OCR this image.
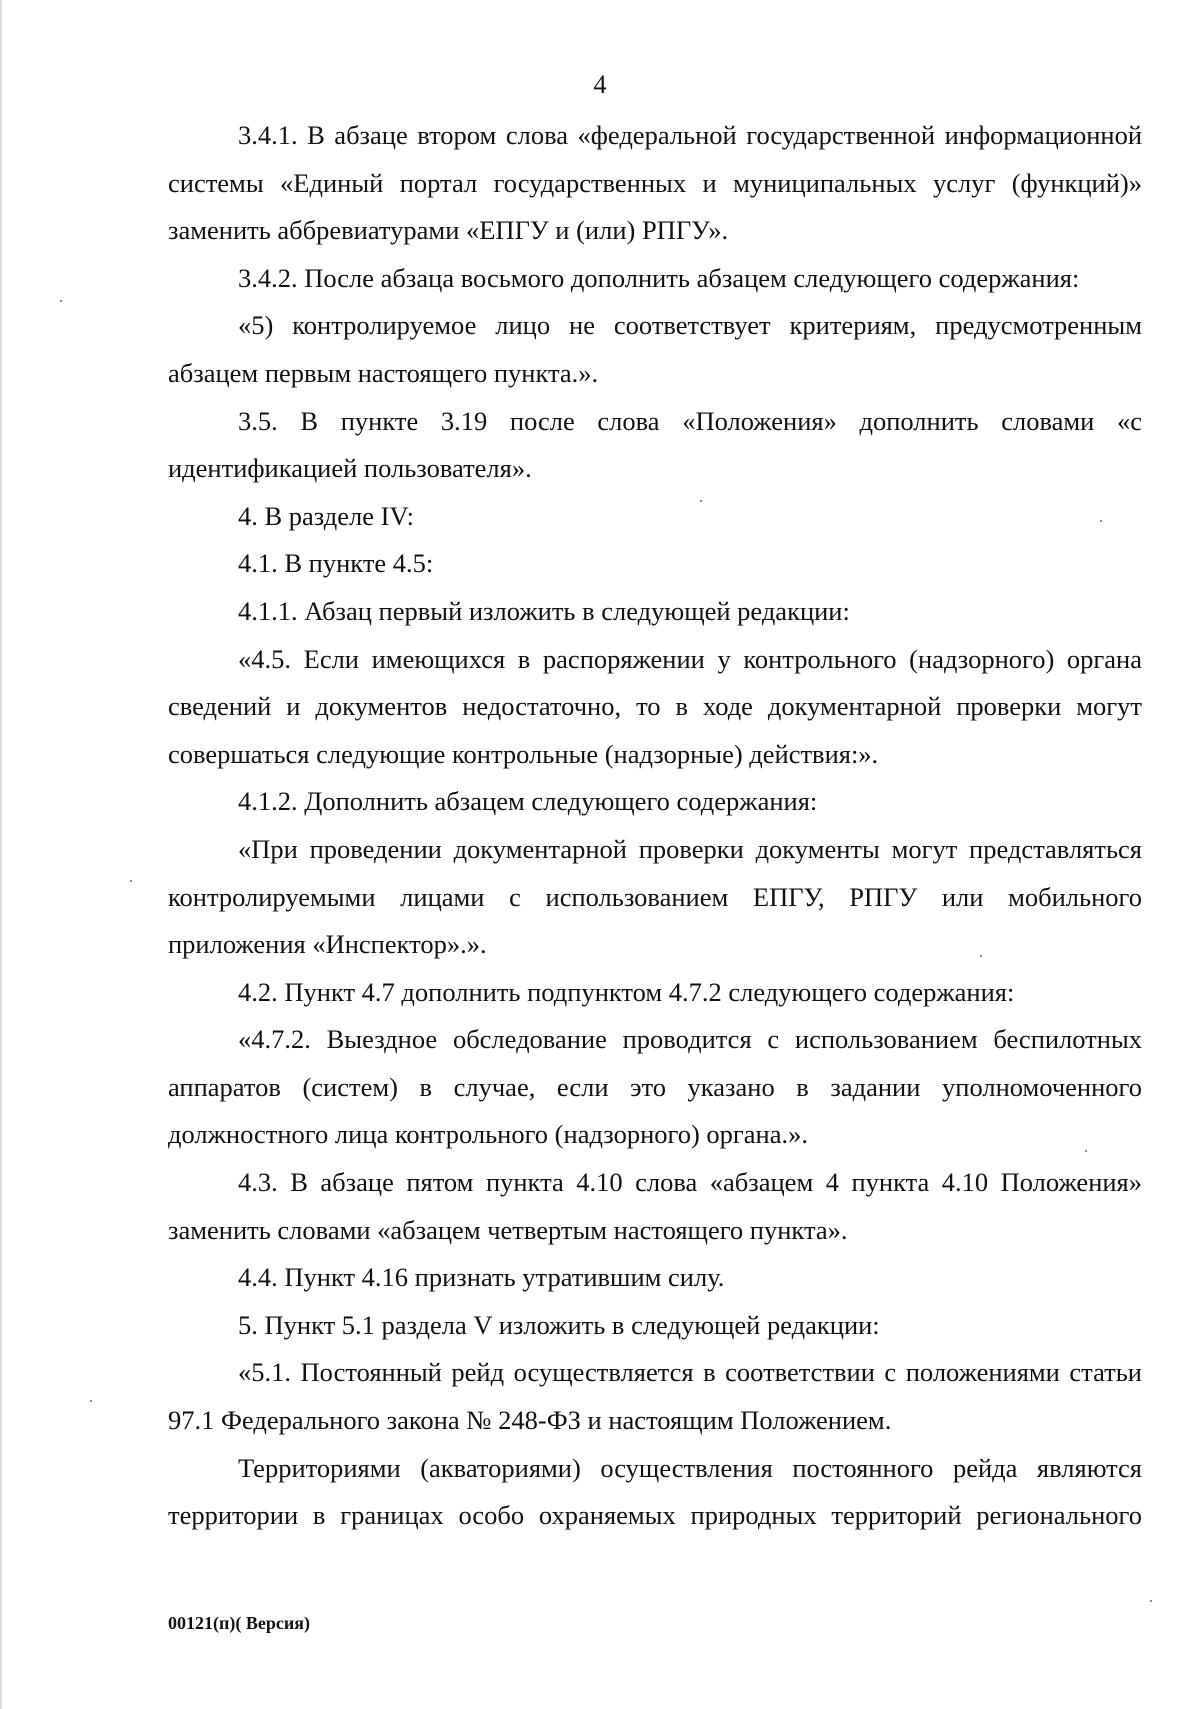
4

3.4.1. В абзаце втором слова «федеральной государственной информационной системы «Единый портал государственных и муниципальных услуг (функций)» заменить аббревиатурами «ЕПГУ и (или) РПГУ».

3.4.2. После абзаца восьмого дополнить абзацем следующего содержания:

«5) контролируемое лицо не соответствует критериям, предусмотренным абзацем первым настоящего пункта.».

3.5. В пункте 3.19 после слова «Положения» дополнить словами «с идентификацией пользователя».

4. В разделе IV:

4.1. В пункте 4.5:

4.1.1. Абзац первый изложить в следующей редакции:

«4.5. Если имеющихся в распоряжении у контрольного (надзорного) органа сведений и документов недостаточно, то в ходе документарной проверки могут совершаться следующие контрольные (надзорные) действия:».

4.1.2. Дополнить абзацем следующего содержания:

«При проведении документарной проверки документы могут представляться контролируемыми лицами с использованием ЕПГУ, РПГУ или мобильного приложения «Инспектор».».

4.2. Пункт 4.7 дополнить подпунктом 4.7.2 следующего содержания:

«4.7.2. Выездное обследование проводится с использованием беспилотных аппаратов (систем) в случае, если это указано в задании уполномоченного должностного лица контрольного (надзорного) органа.».

4.3. В абзаце пятом пункта 4.10 слова «абзацем 4 пункта 4.10 Положения» заменить словами «абзацем четвертым настоящего пункта».

4.4. Пункт 4.16 признать утратившим силу.

5. Пункт 5.1 раздела V изложить в следующей редакции:

«5.1. Постоянный рейд осуществляется в соответствии с положениями статьи 97.1 Федерального закона № 248-ФЗ и настоящим Положением.

Территориями (акваториями) осуществления постоянного рейда являются территории в границах особо охраняемых природных территорий регионального

00121(п)( Версия)
